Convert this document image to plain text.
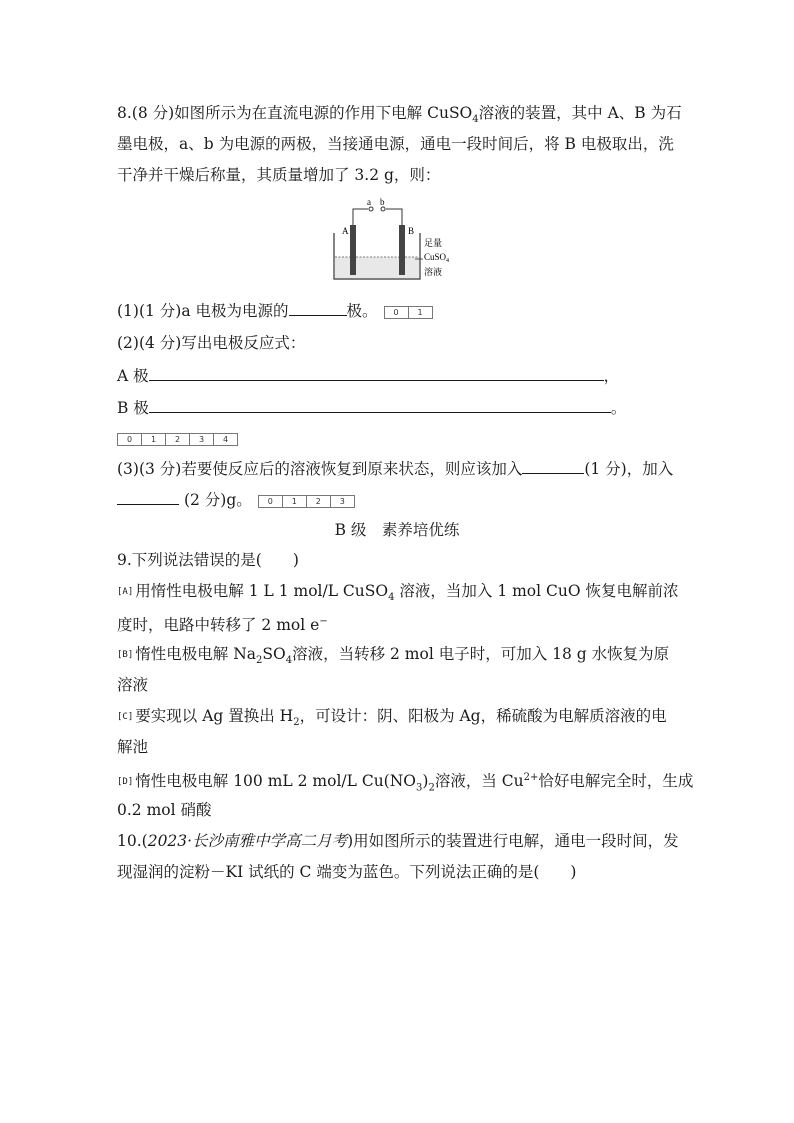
8.(8 分)如图所示为在直流电源的作用下电解 CuSO$_4$溶液的装置，其中 A、B 为石
墨电极，a、b 为电源的两极，当接通电源，通电一段时间后，将 B 电极取出，洗
干净并干燥后称量，其质量增加了 3.2 g，则：
a b
A	B
足量
CuSO$_4$
溶液
(1)(1 分)a 电极为电源的	极。	0	1
(2)(4 分)写出电极反应式：
A 极	，
B 极	。
0	1	2	3	4
(3)(3 分)若要使反应后的溶液恢复到原来状态，则应该加入	(1 分)，加入
(2 分)g。	0	1	2	3
B 级　素养培优练
9.下列说法错误的是(　　)
[A] 用惰性电极电解 1 L 1 mol/L CuSO$_4$ 溶液，当加入 1 mol CuO 恢复电解前浓
度时，电路中转移了 2 mol e−
[B] 惰性电极电解 $Na_2SO_4$溶液，当转移 2 mol 电子时，可加入 18 g 水恢复为原
溶液
[C] 要实现以 Ag 置换出 $H_2$，可设计：阴、阳极为 Ag，稀硫酸为电解质溶液的电
解池
[D] 惰性电极电解 100 mL 2 mol/L $Cu(NO_3)_2$溶液，当 $Cu^{2+}$恰好电解完全时，生成
0.2 mol 硝酸
10.(2023·长沙南雅中学高二月考)用如图所示的装置进行电解，通电一段时间，发
现湿润的淀粉－KI 试纸的 C 端变为蓝色。下列说法正确的是(　　)
